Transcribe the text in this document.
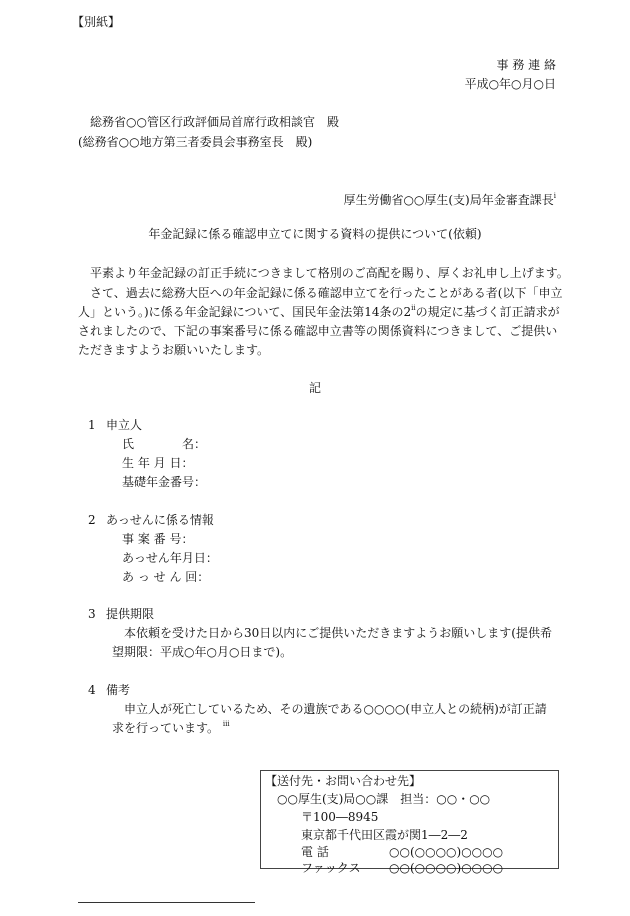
【別紙】
事 務 連 絡
平成○年○月○日
総務省○○管区行政評価局首席行政相談官　殿
(総務省○○地方第三者委員会事務室長　殿)
厚生労働省○○厚生(支)局年金審査課長$^i$
年金記録に係る確認申立てに関する資料の提供について(依頼)
平素より年金記録の訂正手続につきまして格別のご高配を賜り、厚くお礼申し上げます。
さて、過去に総務大臣への年金記録に係る確認申立てを行ったことがある者(以下「申立
人」という。)に係る年金記録について、国民年金法第14条の2$^{ii}$の規定に基づく訂正請求が
されましたので、下記の事案番号に係る確認申立書等の関係資料につきまして、ご提供い
ただきますようお願いいたします。
記
1 申立人
氏　　　　名：
生 年 月 日：
基礎年金番号：
2 あっせんに係る情報
事 案 番 号：
あっせん年月日：
あ っ せ ん 回：
3 提供期限
本依頼を受けた日から30日以内にご提供いただきますようお願いします(提供希
望期限：平成○年○月○日まで)。
4 備考
申立人が死亡しているため、その遺族である○○○○(申立人との続柄)が訂正請
求を行っています。 $^{iii}$
【送付先・お問い合わせ先】
○○厚生(支)局○○課　担当：○○・○○
〒100―8945
東京都千代田区霞が関1―2―2
電 話	○○(○○○○)○○○○
ファックス ○○(○○○○)○○○○
